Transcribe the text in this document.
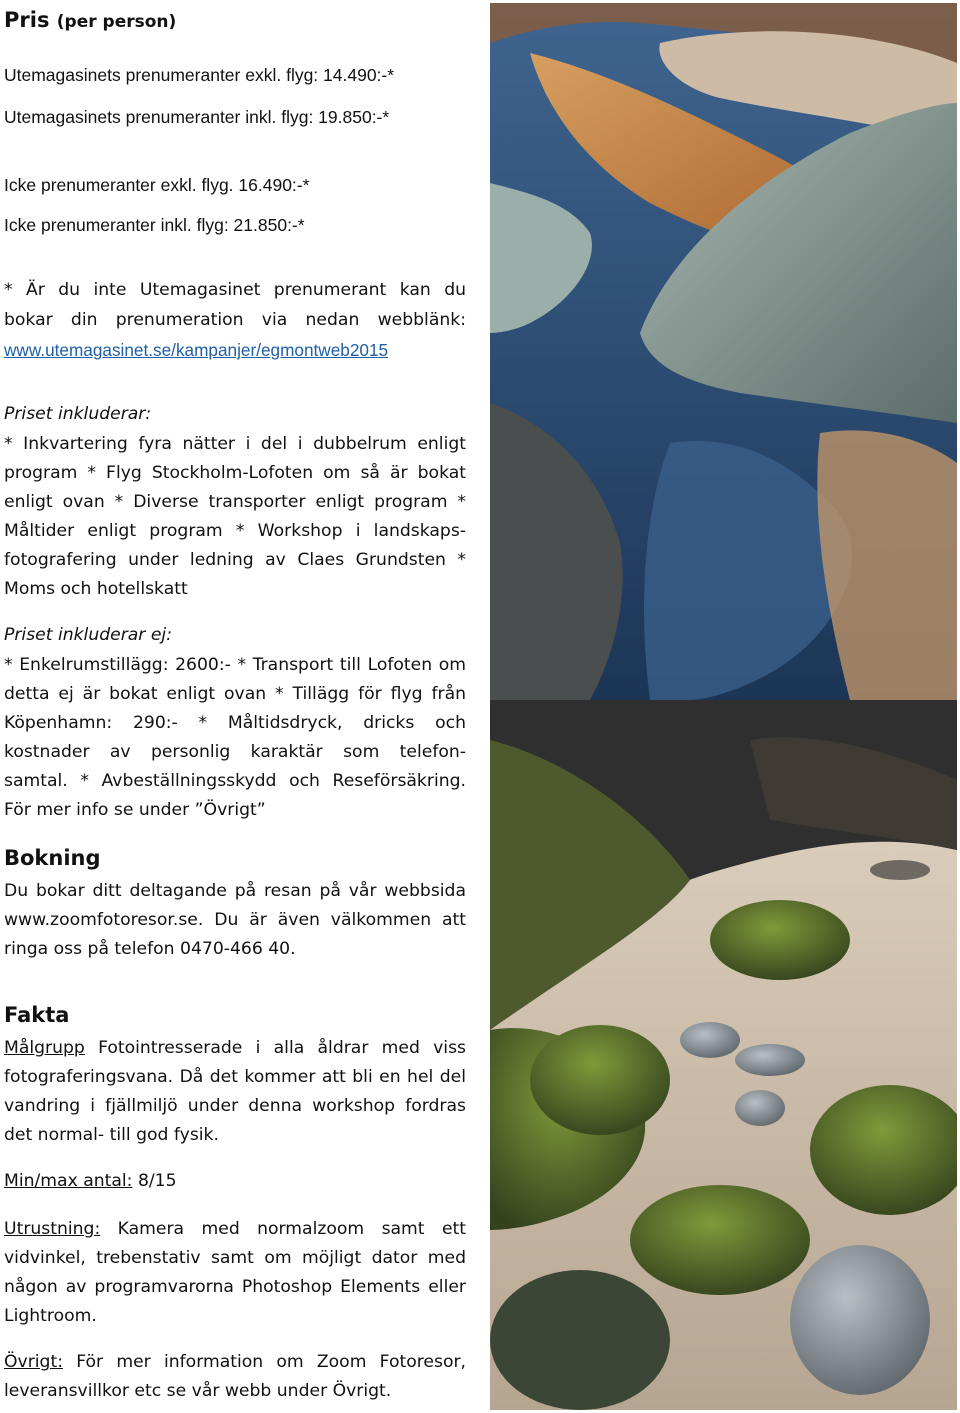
Pris (per person)
Utemagasinets prenumeranter exkl. flyg: 14.490:-*
Utemagasinets prenumeranter inkl. flyg: 19.850:-*
Icke prenumeranter exkl. flyg. 16.490:-*
Icke prenumeranter inkl. flyg: 21.850:-*
* Är du inte Utemagasinet prenumerant kan du
bokar din prenumeration via nedan webblänk:
www.utemagasinet.se/kampanjer/egmontweb2015
Priset inkluderar:
* Inkvartering fyra nätter i del i dubbelrum enligt
program * Flyg Stockholm-Lofoten om så är bokat
enligt ovan * Diverse transporter enligt program *
Måltider enligt program * Workshop i landskaps-
fotografering under ledning av Claes Grundsten *
Moms och hotellskatt
Priset inkluderar ej:
* Enkelrumstillägg: 2600:- * Transport till Lofoten om
detta ej är bokat enligt ovan * Tillägg för flyg från
Köpenhamn: 290:- * Måltidsdryck, dricks och
kostnader av personlig karaktär som telefon-
samtal. * Avbeställningsskydd och Reseförsäkring.
För mer info se under ”Övrigt”
Bokning
Du bokar ditt deltagande på resan på vår webbsida
www.zoomfotoresor.se. Du är även välkommen att
ringa oss på telefon 0470-466 40.
Fakta
Målgrupp Fotointresserade i alla åldrar med viss
fotograferingsvana. Då det kommer att bli en hel del
vandring i fjällmiljö under denna workshop fordras
det normal- till god fysik.
Min/max antal: 8/15
Utrustning: Kamera med normalzoom samt ett
vidvinkel, trebenstativ samt om möjligt dator med
någon av programvarorna Photoshop Elements eller
Lightroom.
Övrigt: För mer information om Zoom Fotoresor,
leveransvillkor etc se vår webb under Övrigt.
